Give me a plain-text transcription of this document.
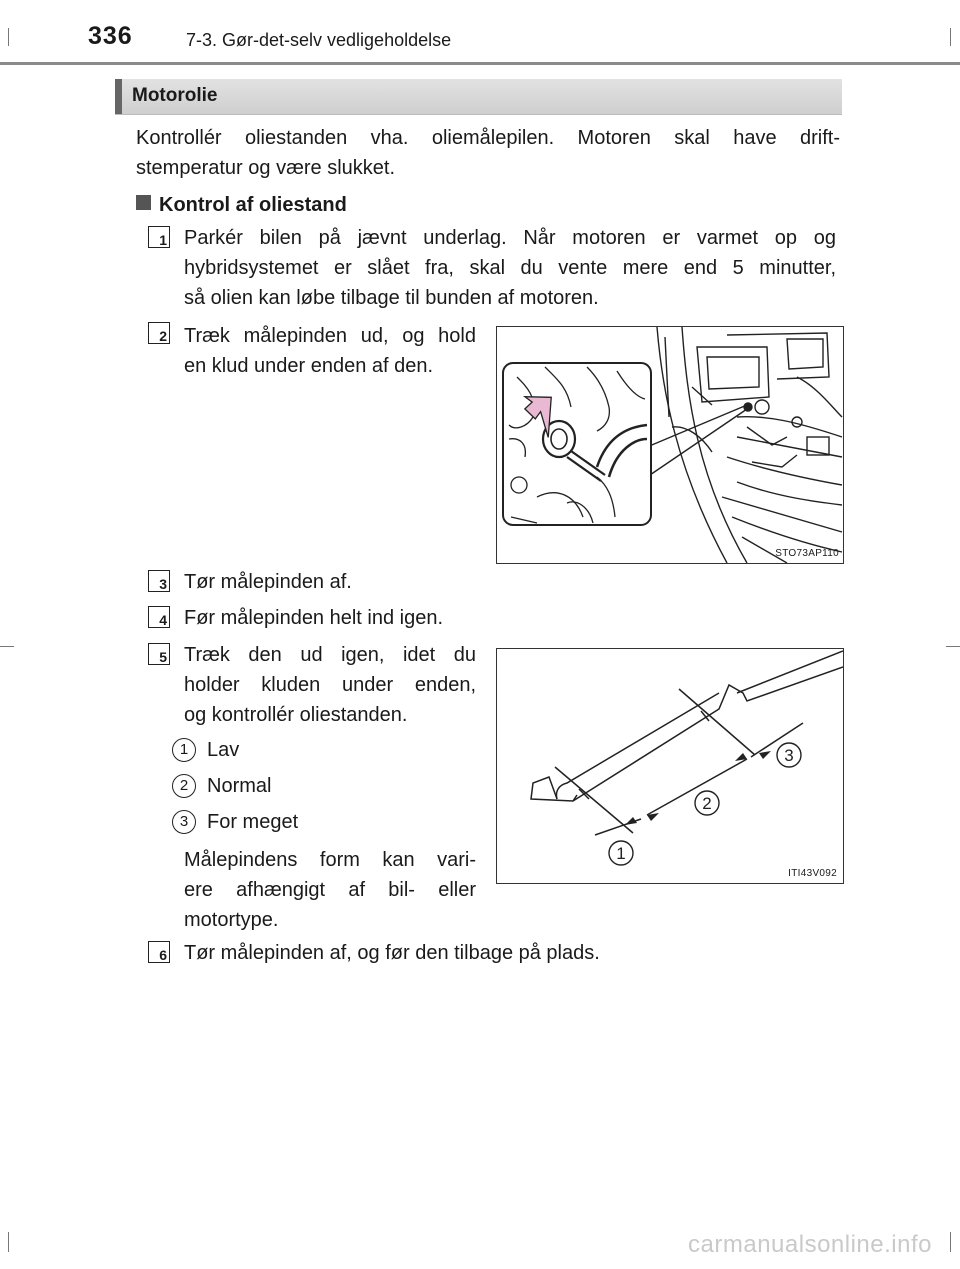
336	7-3. Gør-det-selv vedligeholdelse
Motorolie
Kontrollér oliestanden vha. oliemålepilen. Motoren skal have drift-
stemperatur og være slukket.
Kontrol af oliestand
1 Parkér bilen på jævnt underlag. Når motoren er varmet op og
hybridsystemet er slået fra, skal du vente mere end 5 minutter,
så olien kan løbe tilbage til bunden af motoren.
2 Træk målepinden ud, og hold
en klud under enden af den.
STO73AP110
3 Tør målepinden af.
4 Før målepinden helt ind igen.
5 Træk den ud igen, idet du
holder kluden under enden,
og kontrollér oliestanden.
1 Lav
2 Normal
3 For meget
Målepindens form kan vari-
ere afhængigt af bil- eller
motortype.
1
2
3
ITI43V092
6 Tør målepinden af, og før den tilbage på plads.
carmanualsonline.info
